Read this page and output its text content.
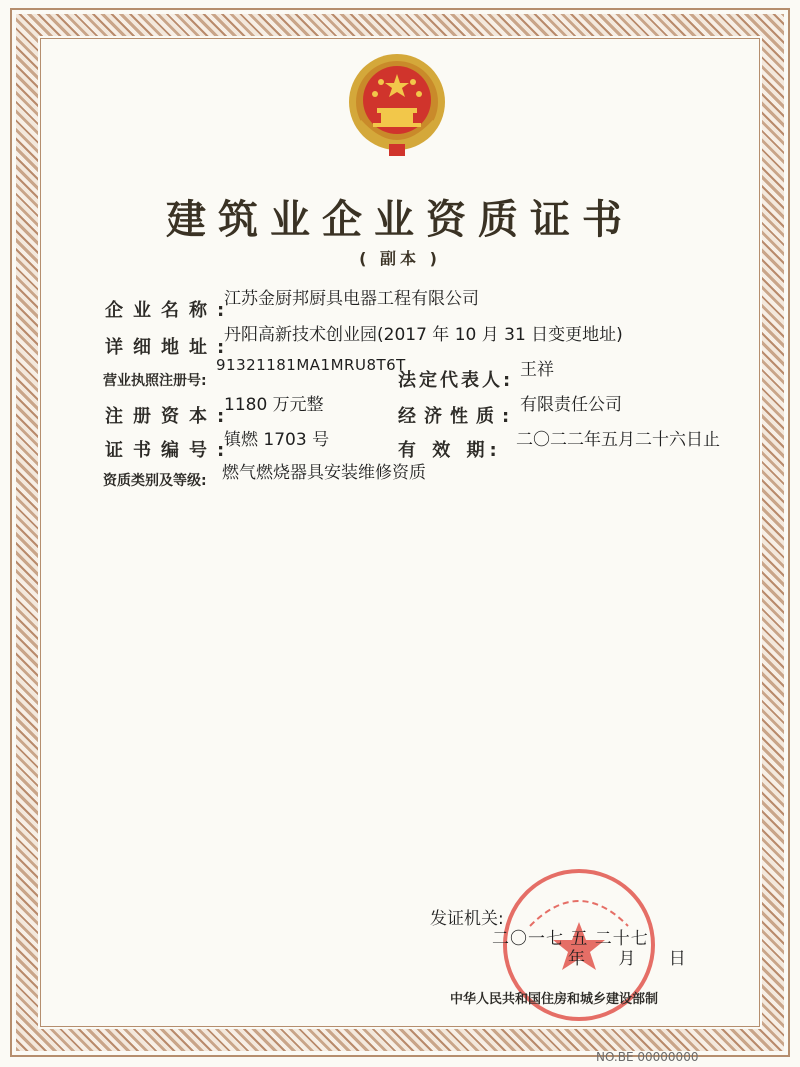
建筑业企业资质证书
( 副本 )
企业名称:
江苏金厨邦厨具电器工程有限公司
详细地址:
丹阳高新技术创业园(2017 年 10 月 31 日变更地址)
营业执照注册号:
91321181MA1MRU8T6T
法定代表人: 王祥
注册资本:
1180 万元整
经济性质:
有限责任公司
证书编号:
镇燃 1703 号	有 效 期: 二〇二二年五月二十六日止
资质类别及等级: 燃气燃烧器具安装维修资质
发证机关:
二〇一七 五 二十七
年 月 日
中华人民共和国住房和城乡建设部制
NO.BE 00000000
